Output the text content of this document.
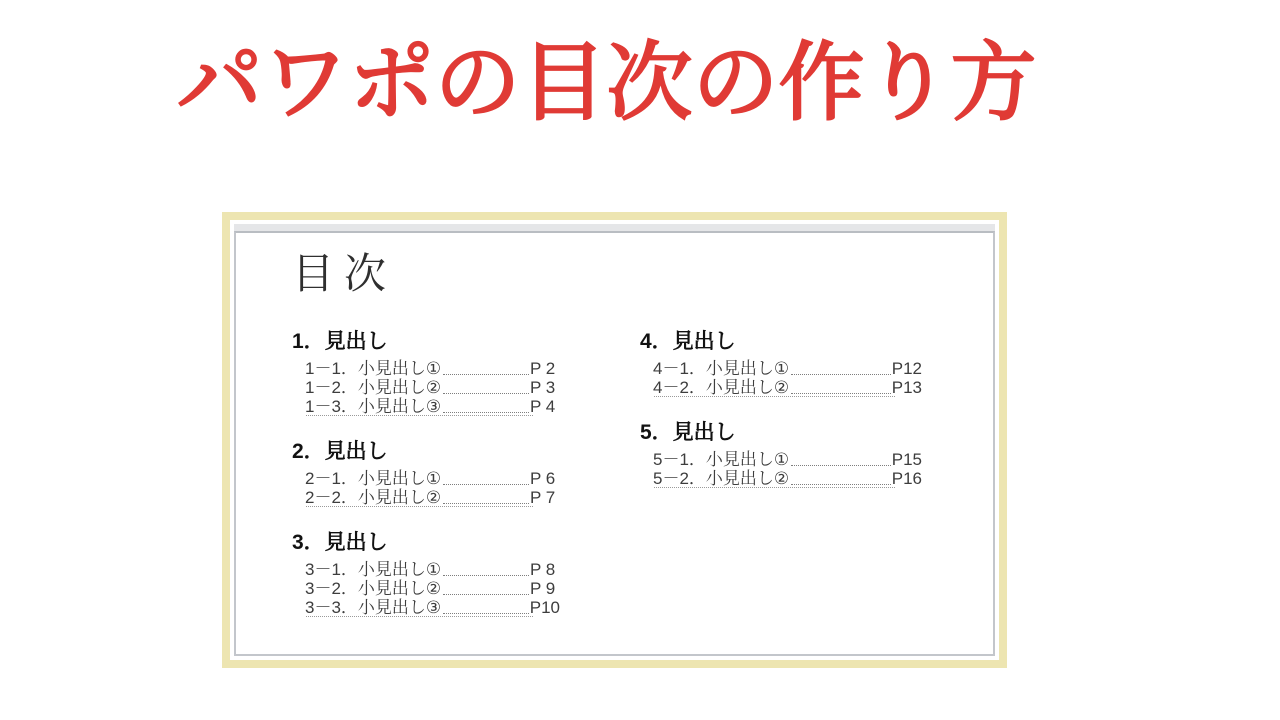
パワポの目次の作り方
目次
1．見出し
1－1．小見出し①	P 2
1－2．小見出し②	P 3
1－3．小見出し③	P 4
2．見出し
2－1．小見出し①	P 6
2－2．小見出し②	P 7
3．見出し
3－1．小見出し①	P 8
3－2．小見出し②	P 9
3－3．小見出し③	P10
4．見出し
4－1．小見出し①	P12
4－2．小見出し②	P13
5．見出し
5－1．小見出し①	P15
5－2．小見出し②	P16
